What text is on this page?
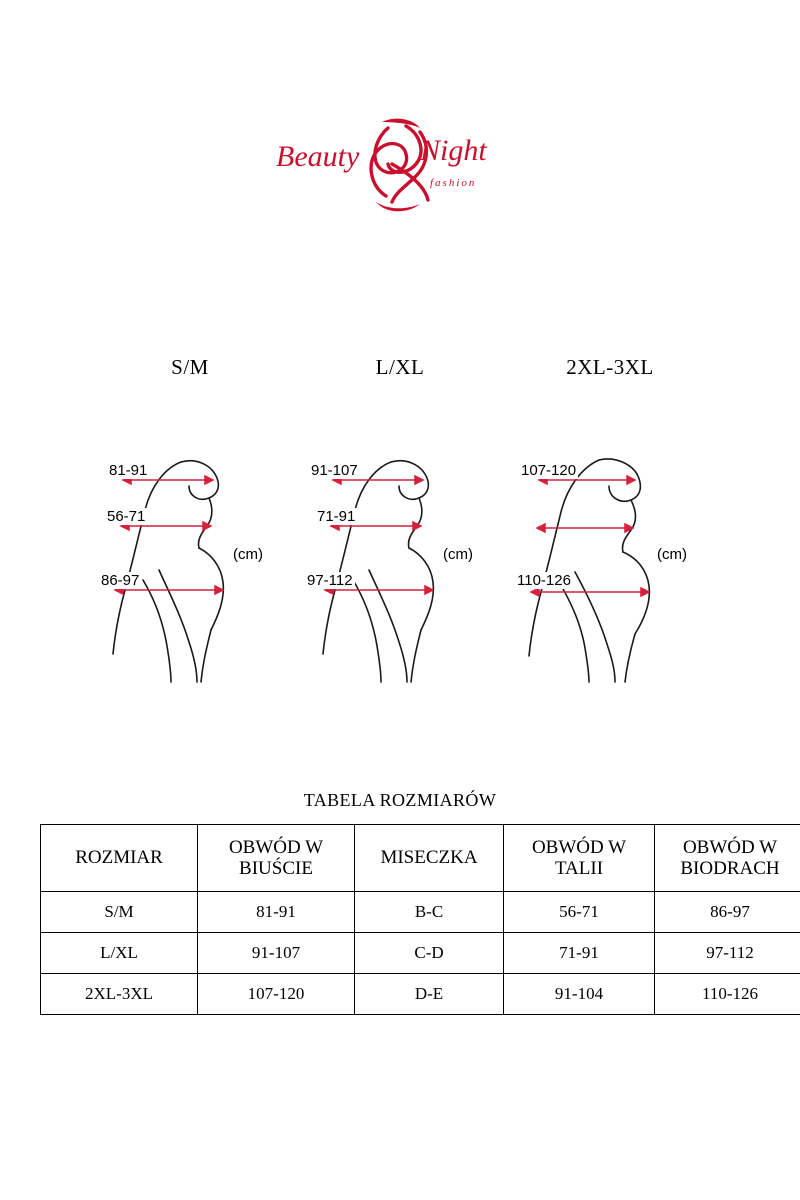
Beauty Night
fashion
S/M
81-91
56-71
86-97
(cm)
L/XL
91-107
71-91
97-112
(cm)
2XL-3XL
107-120
110-126
(cm)
TABELA ROZMIARÓW
ROZMIAR	OBWÓD W BIUŚCIE	MISECZKA	OBWÓD W TALII	OBWÓD W BIODRACH
S/M	81-91	B-C	56-71	86-97
L/XL	91-107	C-D	71-91	97-112
2XL-3XL	107-120	D-E	91-104	110-126
